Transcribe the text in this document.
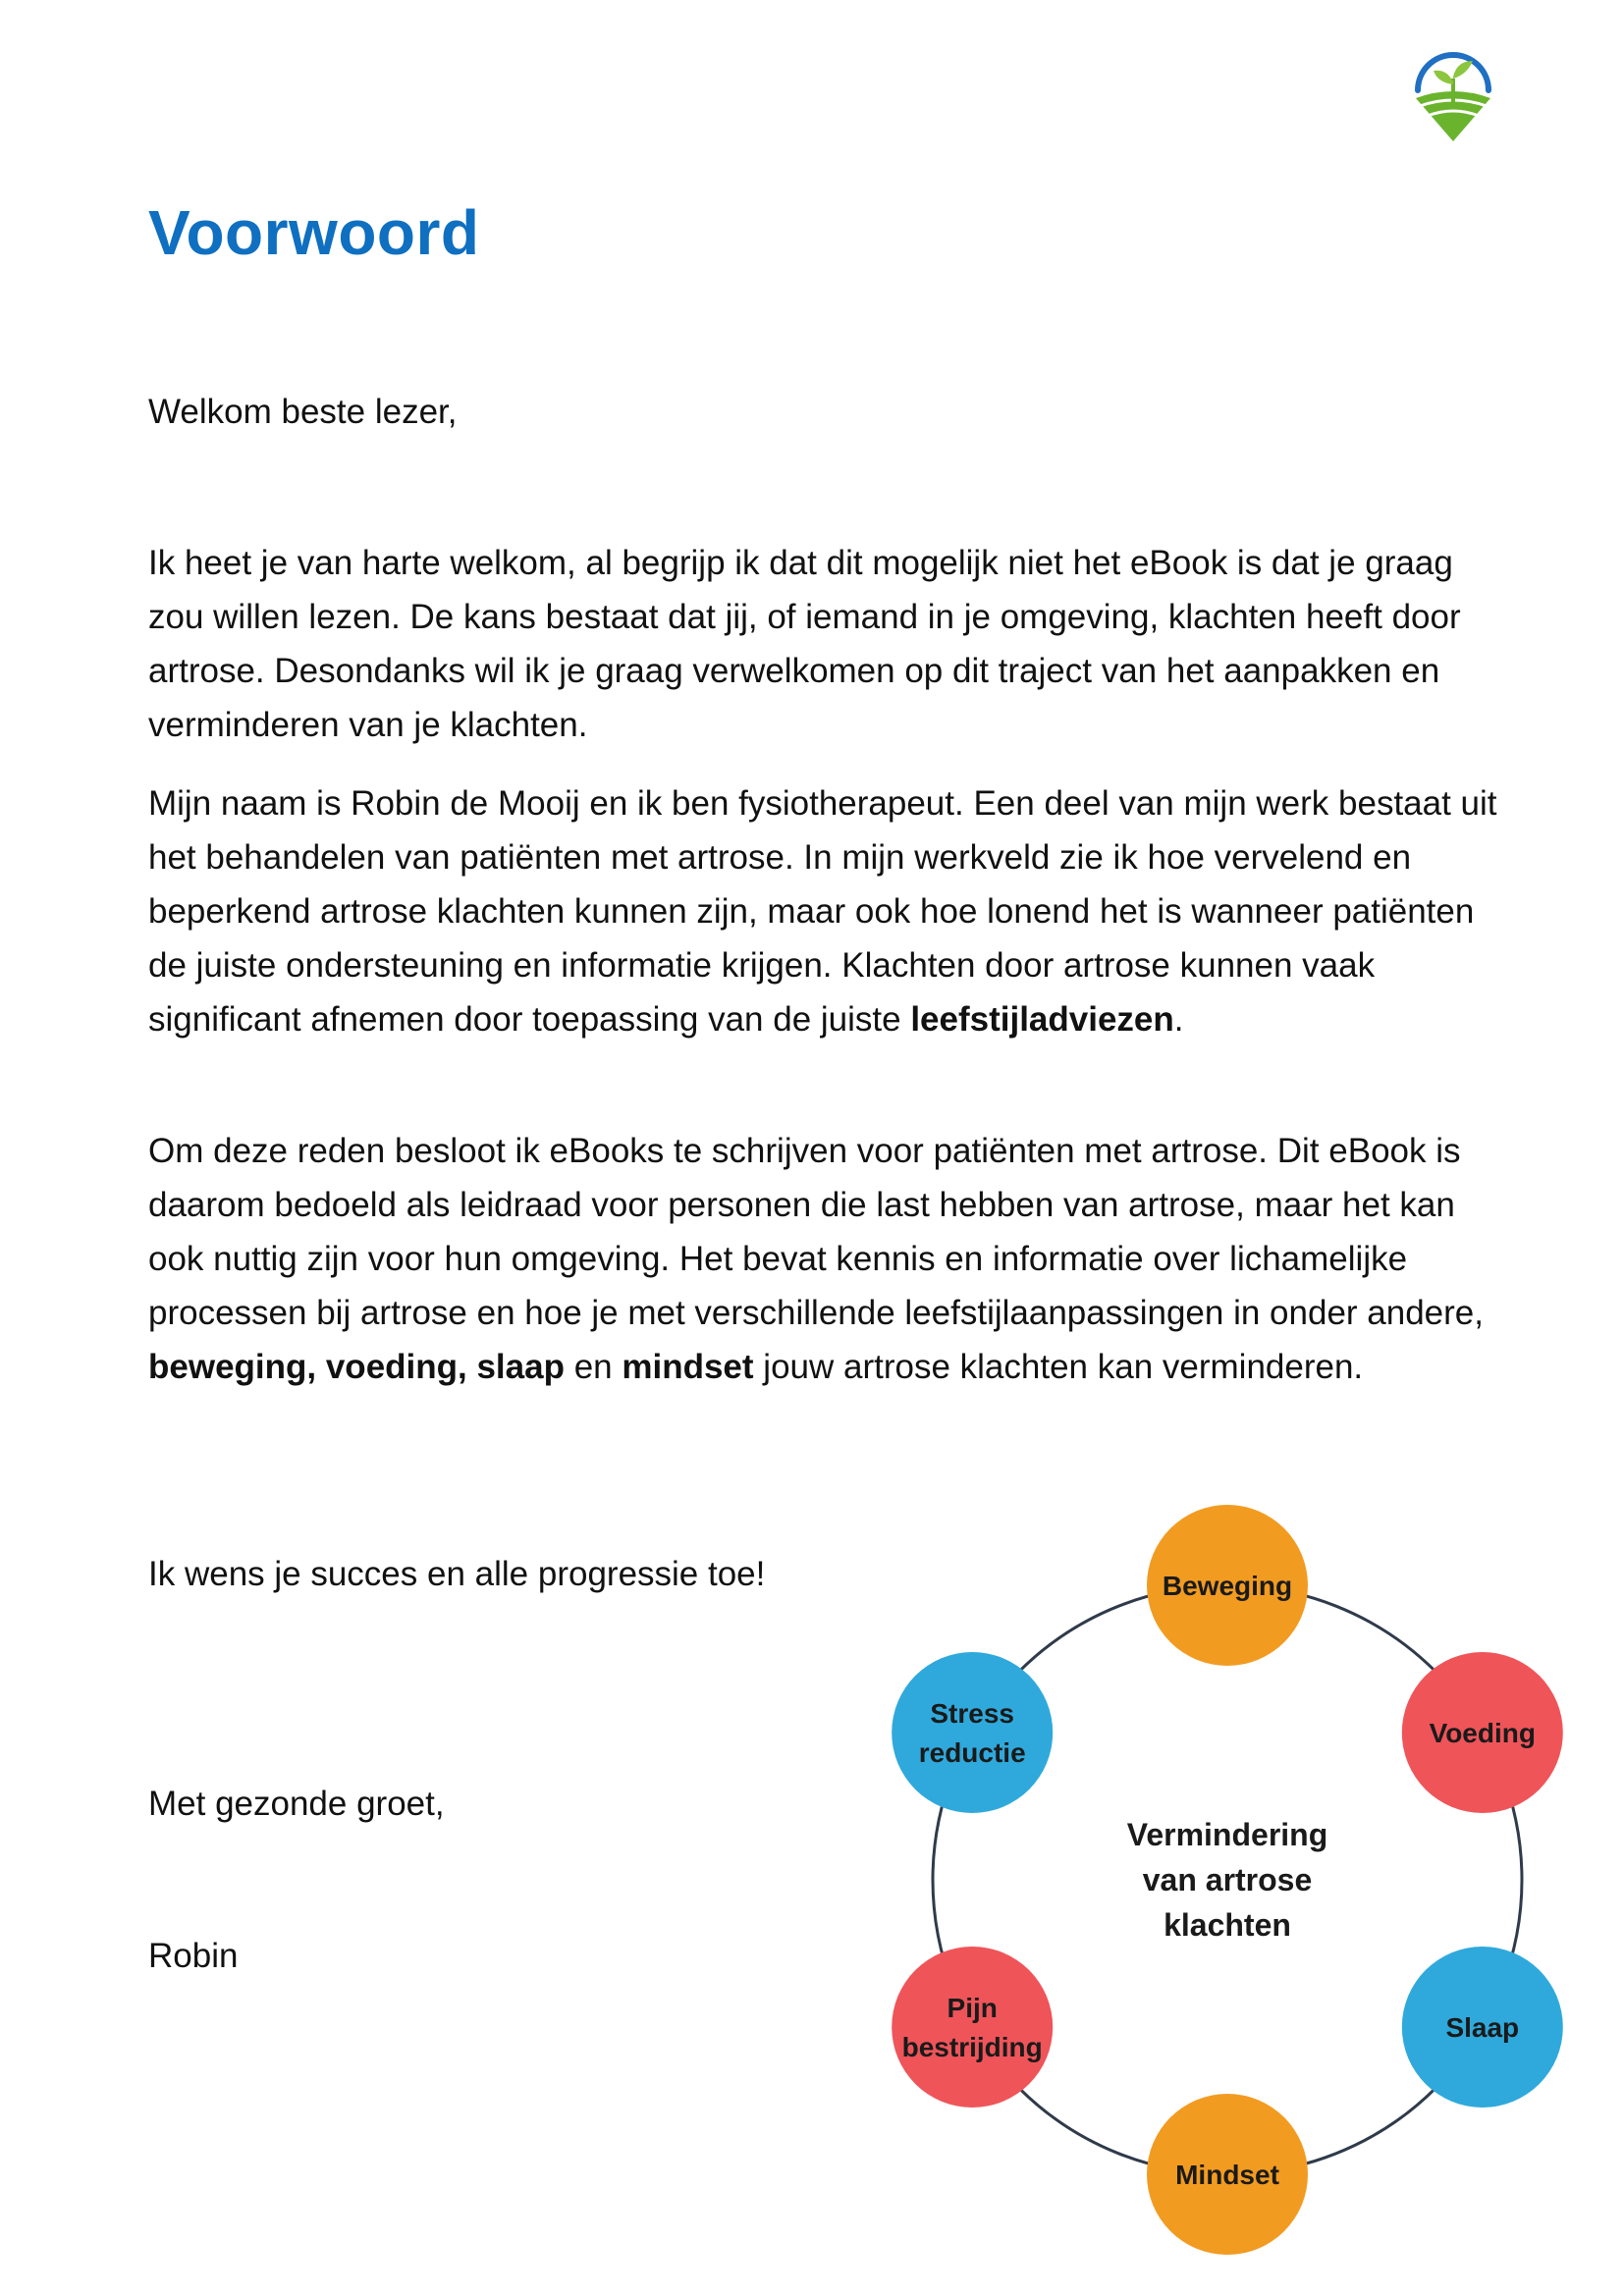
Voorwoord

Welkom beste lezer,

Ik heet je van harte welkom, al begrijp ik dat dit mogelijk niet het eBook is dat je graag zou willen lezen. De kans bestaat dat jij, of iemand in je omgeving, klachten heeft door artrose. Desondanks wil ik je graag verwelkomen op dit traject van het aanpakken en verminderen van je klachten.

Mijn naam is Robin de Mooij en ik ben fysiotherapeut. Een deel van mijn werk bestaat uit het behandelen van patiënten met artrose. In mijn werkveld zie ik hoe vervelend en beperkend artrose klachten kunnen zijn, maar ook hoe lonend het is wanneer patiënten de juiste ondersteuning en informatie krijgen. Klachten door artrose kunnen vaak significant afnemen door toepassing van de juiste leefstijladviezen.

Om deze reden besloot ik eBooks te schrijven voor patiënten met artrose. Dit eBook is daarom bedoeld als leidraad voor personen die last hebben van artrose, maar het kan ook nuttig zijn voor hun omgeving. Het bevat kennis en informatie over lichamelijke processen bij artrose en hoe je met verschillende leefstijlaanpassingen in onder andere, beweging, voeding, slaap en mindset jouw artrose klachten kan verminderen.

Ik wens je succes en alle progressie toe!

Met gezonde groet,

Robin

Vermindering
van artrose
klachten
Beweging
Voeding
Slaap
Mindset
Pijn
bestrijding
Stress
reductie
